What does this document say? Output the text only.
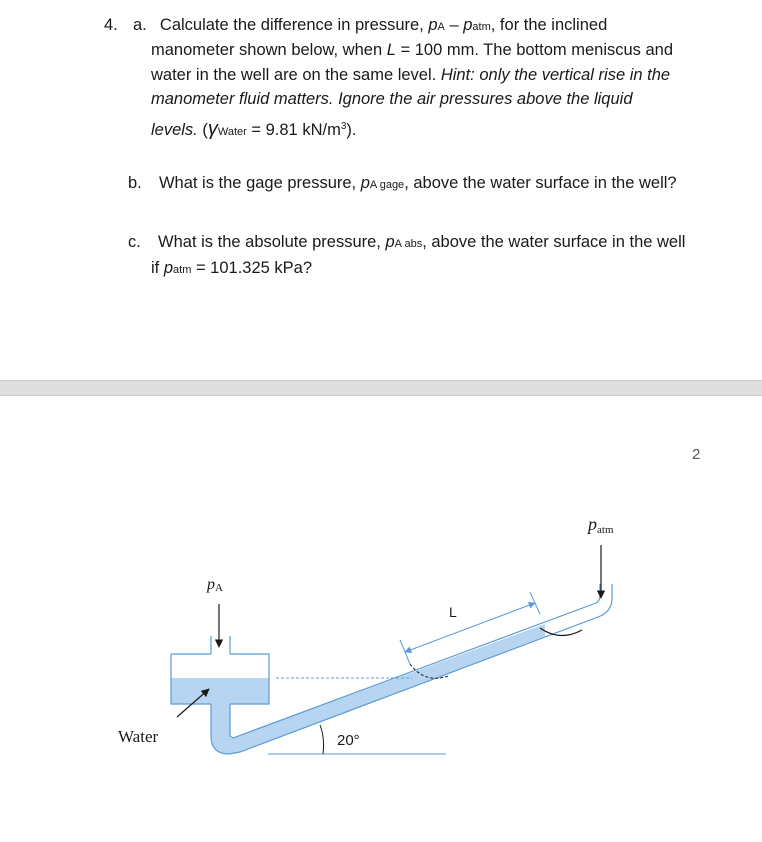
4. a. Calculate the difference in pressure, pA – patm, for the inclined
manometer shown below, when L = 100 mm. The bottom meniscus and
water in the well are on the same level. Hint: only the vertical rise in the
manometer fluid matters. Ignore the air pressures above the liquid
levels. (γWater = 9.81 $kN/m^3$).
b. What is the gage pressure, pA gage, above the water surface in the well?
c. What is the absolute pressure, pA abs, above the water surface in the well
if patm = 101.325 kPa?
2
patm
pA
L
Water	20°
